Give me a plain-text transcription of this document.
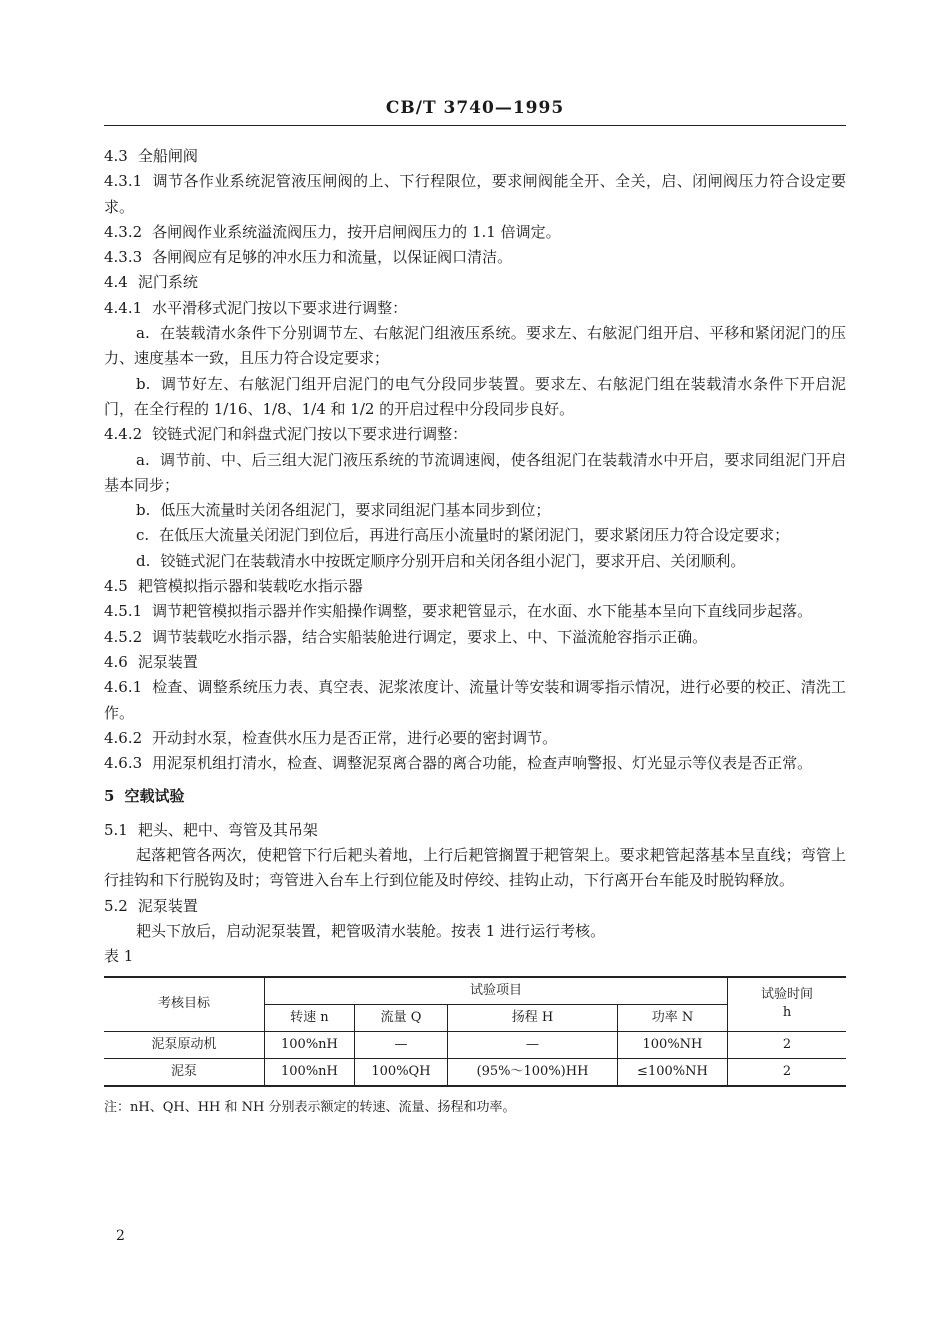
CB/T 3740—1995

4.3 全船闸阀

4.3.1 调节各作业系统泥管液压闸阀的上、下行程限位，要求闸阀能全开、全关，启、闭闸阀压力符合设定要求。

4.3.2 各闸阀作业系统溢流阀压力，按开启闸阀压力的 1.1 倍调定。

4.3.3 各闸阀应有足够的冲水压力和流量，以保证阀口清洁。

4.4 泥门系统

4.4.1 水平滑移式泥门按以下要求进行调整：

a. 在装载清水条件下分别调节左、右舷泥门组液压系统。要求左、右舷泥门组开启、平移和紧闭泥门的压力、速度基本一致，且压力符合设定要求；

b. 调节好左、右舷泥门组开启泥门的电气分段同步装置。要求左、右舷泥门组在装载清水条件下开启泥门，在全行程的 1/16、1/8、1/4 和 1/2 的开启过程中分段同步良好。

4.4.2 铰链式泥门和斜盘式泥门按以下要求进行调整：

a. 调节前、中、后三组大泥门液压系统的节流调速阀，使各组泥门在装载清水中开启，要求同组泥门开启基本同步；

b. 低压大流量时关闭各组泥门，要求同组泥门基本同步到位；

c. 在低压大流量关闭泥门到位后，再进行高压小流量时的紧闭泥门，要求紧闭压力符合设定要求；

d. 铰链式泥门在装载清水中按既定顺序分别开启和关闭各组小泥门，要求开启、关闭顺利。

4.5 耙管模拟指示器和装载吃水指示器

4.5.1 调节耙管模拟指示器并作实船操作调整，要求耙管显示，在水面、水下能基本呈向下直线同步起落。

4.5.2 调节装载吃水指示器，结合实船装舱进行调定，要求上、中、下溢流舱容指示正确。

4.6 泥泵装置

4.6.1 检查、调整系统压力表、真空表、泥浆浓度计、流量计等安装和调零指示情况，进行必要的校正、清洗工作。

4.6.2 开动封水泵，检查供水压力是否正常，进行必要的密封调节。

4.6.3 用泥泵机组打清水，检查、调整泥泵离合器的离合功能，检查声响警报、灯光显示等仪表是否正常。

5 空载试验

5.1 耙头、耙中、弯管及其吊架

起落耙管各两次，使耙管下行后耙头着地，上行后耙管搁置于耙管架上。要求耙管起落基本呈直线；弯管上行挂钩和下行脱钩及时；弯管进入台车上行到位能及时停绞、挂钩止动，下行离开台车能及时脱钩释放。

5.2 泥泵装置

耙头下放后，启动泥泵装置，耙管吸清水装舱。按表 1 进行运行考核。

表 1

考核目标	试验项目				试验时间
h
	转速 n	流量 Q	扬程 H	功率 N	
泥泵原动机	100%nH	—	—	100%NH	2
泥泵	100%nH	100%QH	(95%～100%)HH	≤100%NH	2

注：nH、QH、HH 和 NH 分别表示额定的转速、流量、扬程和功率。

2
